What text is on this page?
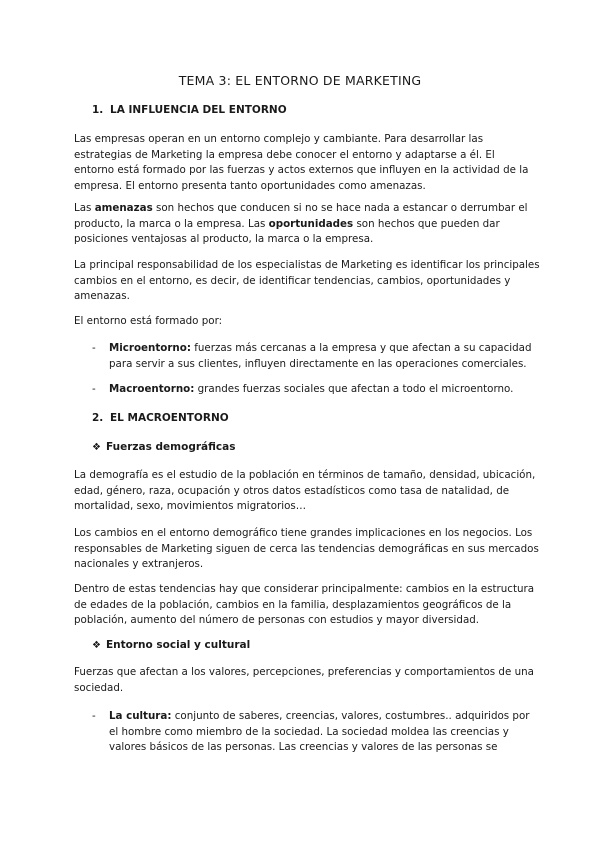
TEMA 3: EL ENTORNO DE MARKETING
1. LA INFLUENCIA DEL ENTORNO
Las empresas operan en un entorno complejo y cambiante. Para desarrollar las
estrategias de Marketing la empresa debe conocer el entorno y adaptarse a él. El
entorno está formado por las fuerzas y actos externos que influyen en la actividad de la
empresa. El entorno presenta tanto oportunidades como amenazas.
Las amenazas son hechos que conducen si no se hace nada a estancar o derrumbar el
producto, la marca o la empresa. Las oportunidades son hechos que pueden dar
posiciones ventajosas al producto, la marca o la empresa.
La principal responsabilidad de los especialistas de Marketing es identificar los principales
cambios en el entorno, es decir, de identificar tendencias, cambios, oportunidades y
amenazas.
El entorno está formado por:
- Microentorno: fuerzas más cercanas a la empresa y que afectan a su capacidad
para servir a sus clientes, influyen directamente en las operaciones comerciales.
- Macroentorno: grandes fuerzas sociales que afectan a todo el microentorno.
2. EL MACROENTORNO
❖ Fuerzas demográficas
La demografía es el estudio de la población en términos de tamaño, densidad, ubicación,
edad, género, raza, ocupación y otros datos estadísticos como tasa de natalidad, de
mortalidad, sexo, movimientos migratorios…
Los cambios en el entorno demográfico tiene grandes implicaciones en los negocios. Los
responsables de Marketing siguen de cerca las tendencias demográficas en sus mercados
nacionales y extranjeros.
Dentro de estas tendencias hay que considerar principalmente: cambios en la estructura
de edades de la población, cambios en la familia, desplazamientos geográficos de la
población, aumento del número de personas con estudios y mayor diversidad.
❖ Entorno social y cultural
Fuerzas que afectan a los valores, percepciones, preferencias y comportamientos de una
sociedad.
- La cultura: conjunto de saberes, creencias, valores, costumbres.. adquiridos por
el hombre como miembro de la sociedad. La sociedad moldea las creencias y
valores básicos de las personas. Las creencias y valores de las personas se
